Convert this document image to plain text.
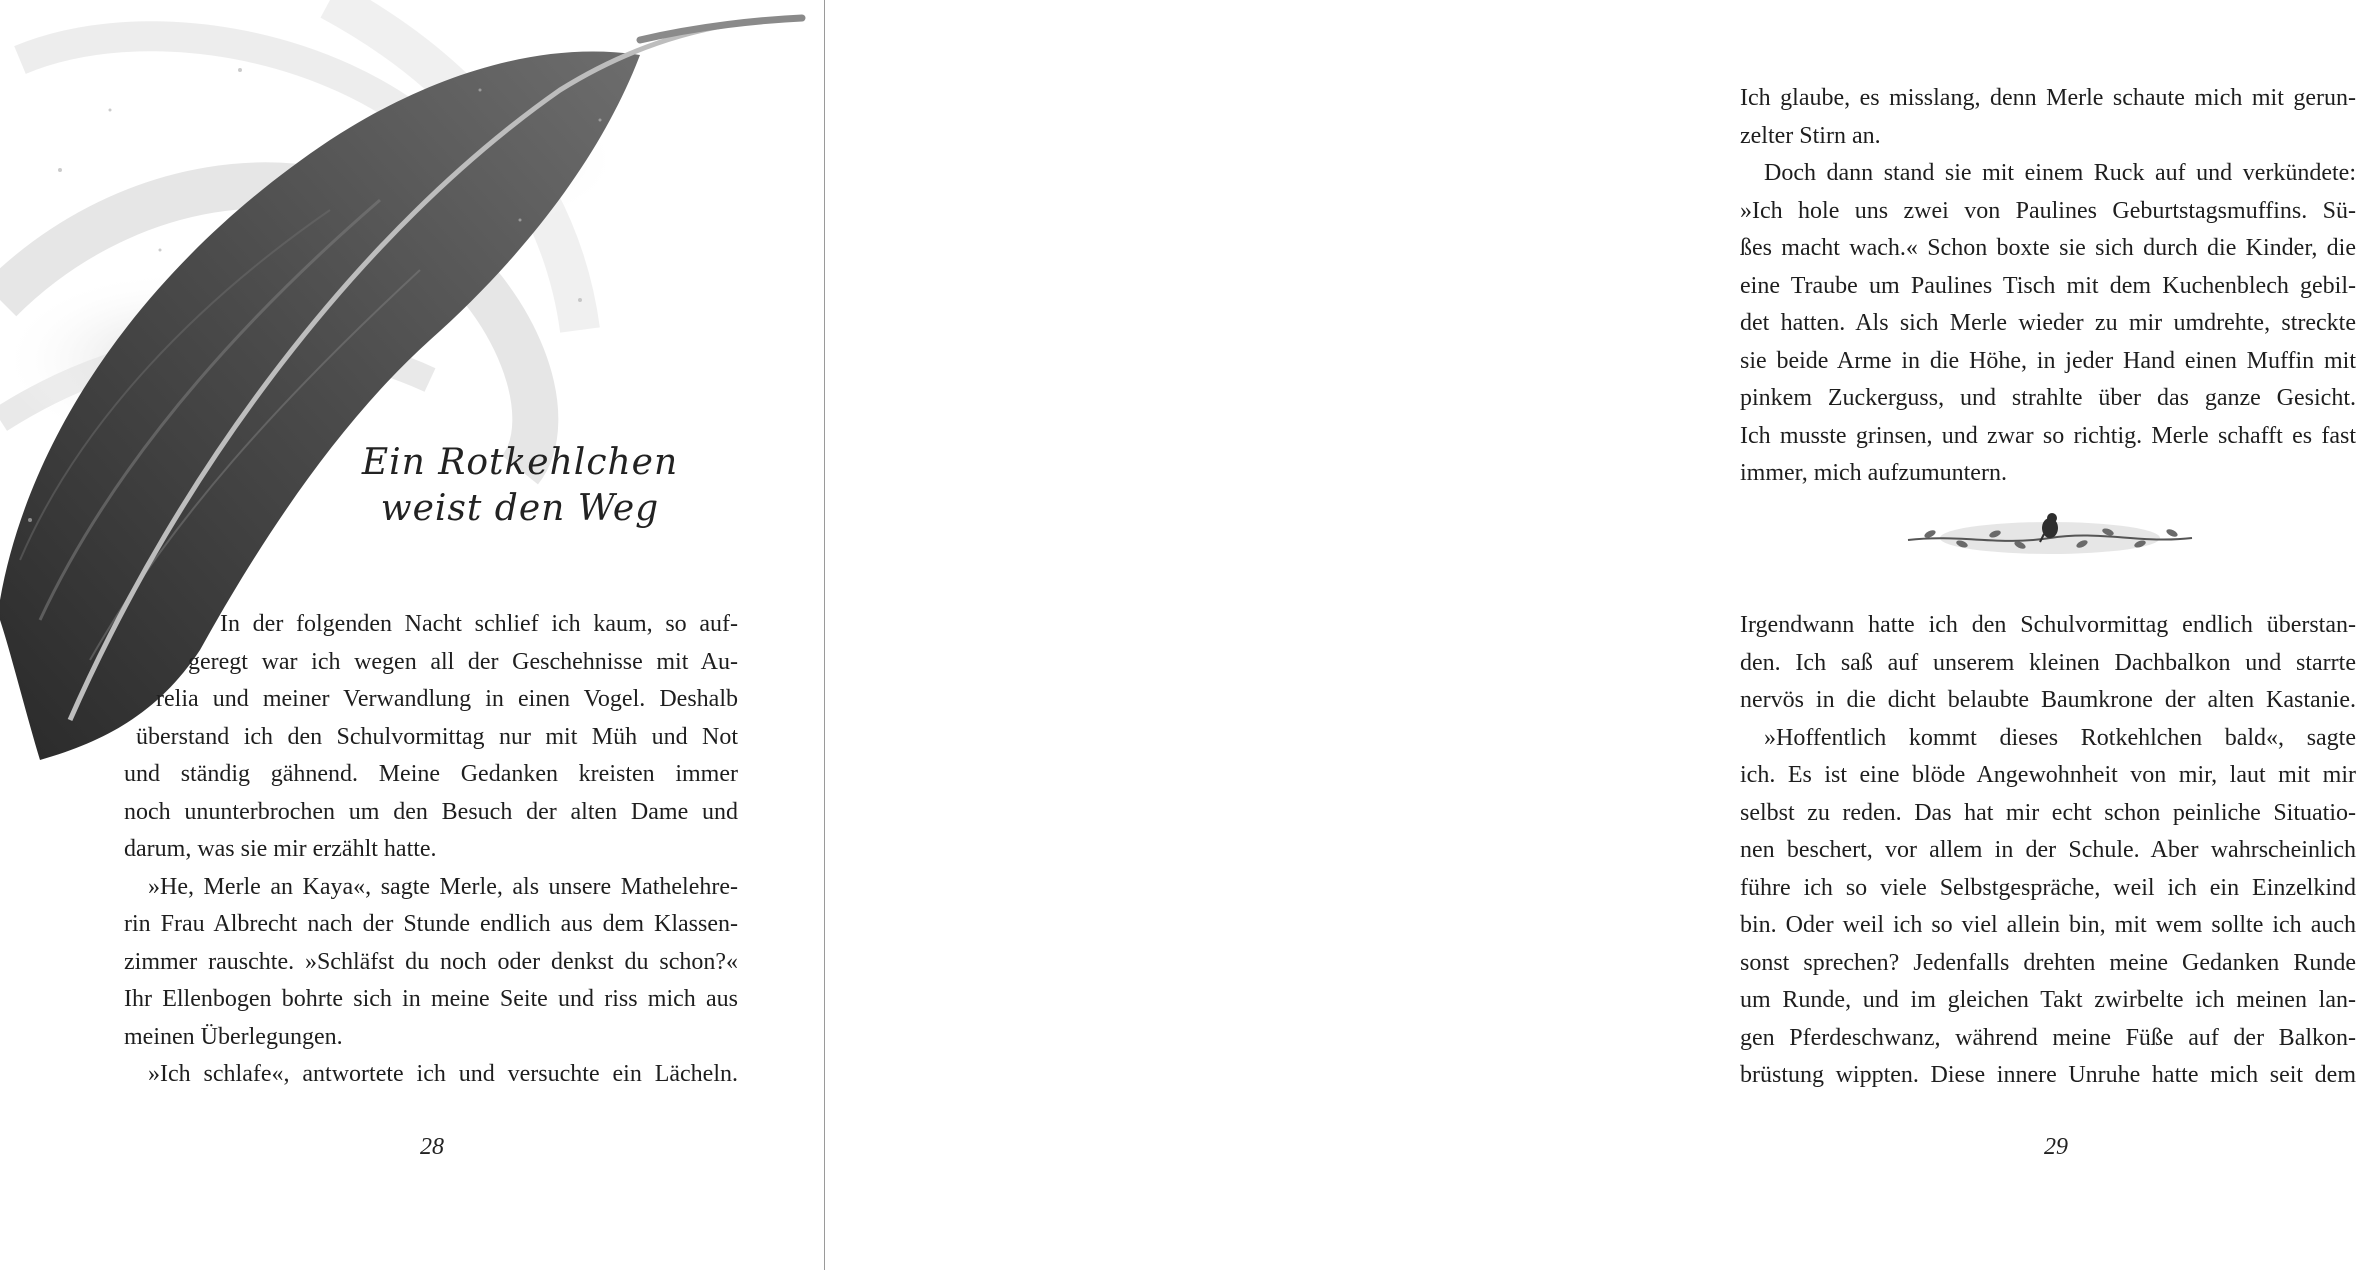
Ein Rotkehlchen
weist den Weg

In der folgenden Nacht schlief ich kaum, so auf-

geregt war ich wegen all der Geschehnisse mit Au-

relia und meiner Verwandlung in einen Vogel. Deshalb

überstand ich den Schulvormittag nur mit Müh und Not

und ständig gähnend. Meine Gedanken kreisten immer

noch ununterbrochen um den Besuch der alten Dame und

darum, was sie mir erzählt hatte.

»He, Merle an Kaya«, sagte Merle, als unsere Mathelehre-

rin Frau Albrecht nach der Stunde endlich aus dem Klassen-

zimmer rauschte. »Schläfst du noch oder denkst du schon?«

Ihr Ellenbogen bohrte sich in meine Seite und riss mich aus

meinen Überlegungen.

»Ich schlafe«, antwortete ich und versuchte ein Lächeln.

28

Ich glaube, es misslang, denn Merle schaute mich mit gerun-

zelter Stirn an.

Doch dann stand sie mit einem Ruck auf und verkündete:

»Ich hole uns zwei von Paulines Geburtstagsmuffins. Sü-

ßes macht wach.« Schon boxte sie sich durch die Kinder, die

eine Traube um Paulines Tisch mit dem Kuchenblech gebil-

det hatten. Als sich Merle wieder zu mir umdrehte, streckte

sie beide Arme in die Höhe, in jeder Hand einen Muffin mit

pinkem Zuckerguss, und strahlte über das ganze Gesicht.

Ich musste grinsen, und zwar so richtig. Merle schafft es fast

immer, mich aufzumuntern.

Irgendwann hatte ich den Schulvormittag endlich überstan-

den. Ich saß auf unserem kleinen Dachbalkon und starrte

nervös in die dicht belaubte Baumkrone der alten Kastanie.

»Hoffentlich kommt dieses Rotkehlchen bald«, sagte

ich. Es ist eine blöde Angewohnheit von mir, laut mit mir

selbst zu reden. Das hat mir echt schon peinliche Situatio-

nen beschert, vor allem in der Schule. Aber wahrscheinlich

führe ich so viele Selbstgespräche, weil ich ein Einzelkind

bin. Oder weil ich so viel allein bin, mit wem sollte ich auch

sonst sprechen? Jedenfalls drehten meine Gedanken Runde

um Runde, und im gleichen Takt zwirbelte ich meinen lan-

gen Pferdeschwanz, während meine Füße auf der Balkon-

brüstung wippten. Diese innere Unruhe hatte mich seit dem

29
